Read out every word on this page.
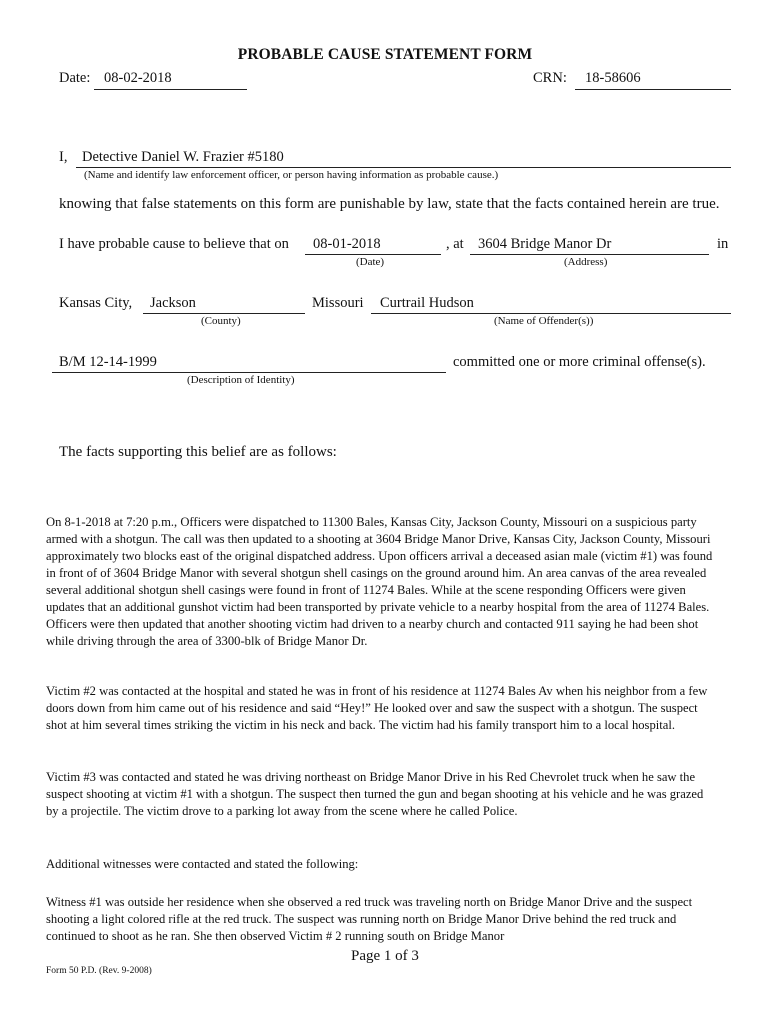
PROBABLE CAUSE STATEMENT FORM
Date: 08-02-2018	CRN: 18-58606
I, Detective Daniel W. Frazier #5180
(Name and identify law enforcement officer, or person having information as probable cause.)
knowing that false statements on this form are punishable by law, state that the facts contained herein are true.
I have probable cause to believe that on 08-01-2018	, at 3604 Bridge Manor Dr	in
(Date)	(Address)
Kansas City, Jackson	Missouri Curtrail Hudson
(County)	(Name of Offender(s))
B/M 12-14-1999	committed one or more criminal offense(s).
(Description of Identity)
The facts supporting this belief are as follows:
On 8-1-2018 at 7:20 p.m., Officers were dispatched to 11300 Bales, Kansas City, Jackson County, Missouri on a suspicious party armed with a shotgun. The call was then updated to a shooting at 3604 Bridge Manor Drive, Kansas City, Jackson County, Missouri approximately two blocks east of the original dispatched address. Upon officers arrival a deceased asian male (victim #1) was found in front of of 3604 Bridge Manor with several shotgun shell casings on the ground around him. An area canvas of the area revealed several additional shotgun shell casings were found in front of 11274 Bales. While at the scene responding Officers were given updates that an additional gunshot victim had been transported by private vehicle to a nearby hospital from the area of 11274 Bales. Officers were then updated that another shooting victim had driven to a nearby church and contacted 911 saying he had been shot while driving through the area of 3300-blk of Bridge Manor Dr.
Victim #2 was contacted at the hospital and stated he was in front of his residence at 11274 Bales Av when his neighbor from a few doors down from him came out of his residence and said “Hey!” He looked over and saw the suspect with a shotgun. The suspect shot at him several times striking the victim in his neck and back. The victim had his family transport him to a local hospital.
Victim #3 was contacted and stated he was driving northeast on Bridge Manor Drive in his Red Chevrolet truck when he saw the suspect shooting at victim #1 with a shotgun. The suspect then turned the gun and began shooting at his vehicle and he was grazed by a projectile. The victim drove to a parking lot away from the scene where he called Police.
Additional witnesses were contacted and stated the following:
Witness #1 was outside her residence when she observed a red truck was traveling north on Bridge Manor Drive and the suspect shooting a light colored rifle at the red truck. The suspect was running north on Bridge Manor Drive behind the red truck and continued to shoot as he ran. She then observed Victim # 2 running south on Bridge Manor
Page 1 of 3
Form 50 P.D. (Rev. 9-2008)
